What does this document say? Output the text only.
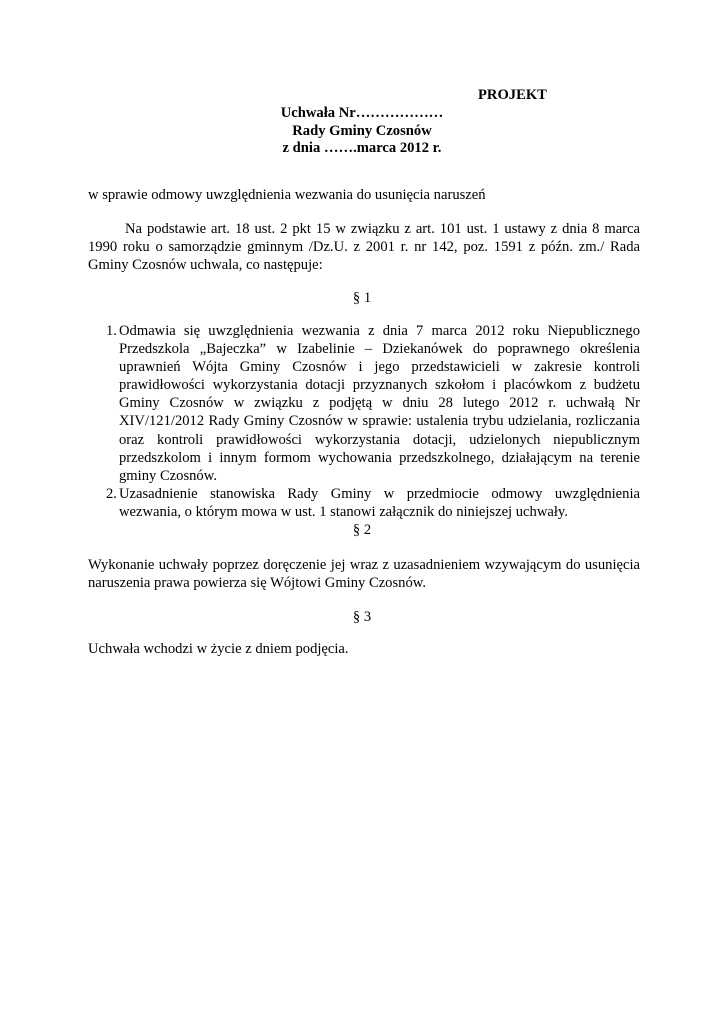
PROJEKT
Uchwała Nr………………
Rady Gminy Czosnów
z dnia …….marca 2012 r.
w sprawie odmowy uwzględnienia wezwania do usunięcia naruszeń
Na podstawie art. 18 ust. 2 pkt 15 w związku z art. 101 ust. 1 ustawy z dnia 8 marca 1990 roku o samorządzie gminnym /Dz.U. z 2001 r. nr 142, poz. 1591 z późn. zm./ Rada Gminy Czosnów uchwala, co następuje:
§ 1
1. Odmawia się uwzględnienia wezwania z dnia 7 marca 2012 roku Niepublicznego Przedszkola „Bajeczka” w Izabelinie – Dziekanówek do poprawnego określenia uprawnień Wójta Gminy Czosnów i jego przedstawicieli w zakresie kontroli prawidłowości wykorzystania dotacji przyznanych szkołom i placówkom z budżetu Gminy Czosnów w związku z podjętą w dniu 28 lutego 2012 r. uchwałą Nr XIV/121/2012 Rady Gminy Czosnów w sprawie: ustalenia trybu udzielania, rozliczania oraz kontroli prawidłowości wykorzystania dotacji, udzielonych niepublicznym przedszkolom i innym formom wychowania przedszkolnego, działającym na terenie gminy Czosnów.
2. Uzasadnienie stanowiska Rady Gminy w przedmiocie odmowy uwzględnienia wezwania, o którym mowa w ust. 1 stanowi załącznik do niniejszej uchwały.
§ 2
Wykonanie uchwały poprzez doręczenie jej wraz z uzasadnieniem wzywającym do usunięcia naruszenia prawa powierza się Wójtowi Gminy Czosnów.
§ 3
Uchwała wchodzi w życie z dniem podjęcia.
